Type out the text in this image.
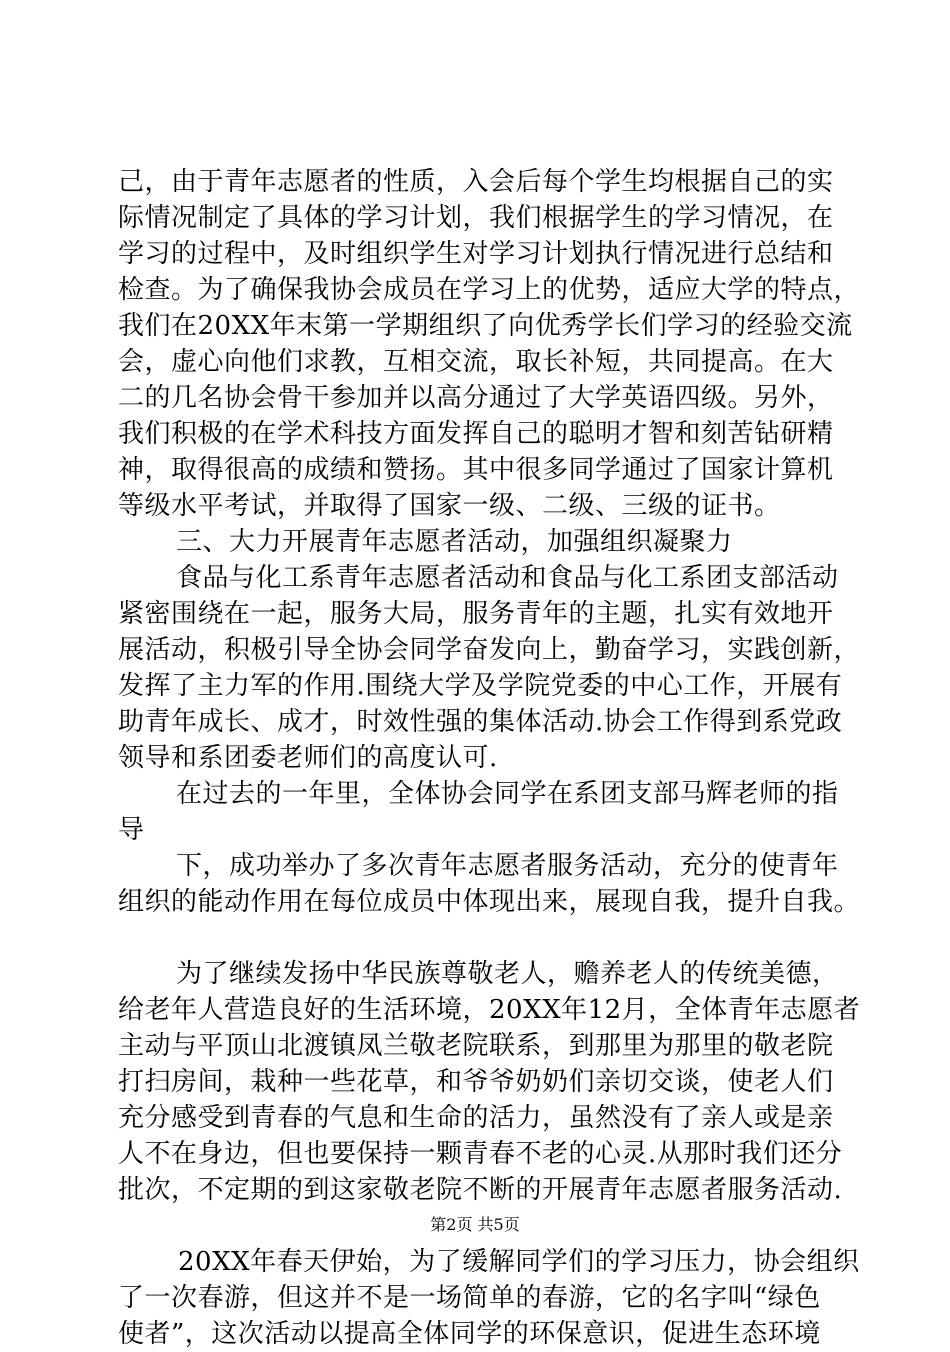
己，由于青年志愿者的性质，入会后每个学生均根据自己的实
际情况制定了具体的学习计划，我们根据学生的学习情况，在
学习的过程中，及时组织学生对学习计划执行情况进行总结和
检查。为了确保我协会成员在学习上的优势，适应大学的特点，
我们在20XX年末第一学期组织了向优秀学长们学习的经验交流
会，虚心向他们求教，互相交流，取长补短，共同提高。在大
二的几名协会骨干参加并以高分通过了大学英语四级。另外，
我们积极的在学术科技方面发挥自己的聪明才智和刻苦钻研精
神，取得很高的成绩和赞扬。其中很多同学通过了国家计算机
等级水平考试，并取得了国家一级、二级、三级的证书。
三、大力开展青年志愿者活动，加强组织凝聚力
食品与化工系青年志愿者活动和食品与化工系团支部活动
紧密围绕在一起，服务大局，服务青年的主题，扎实有效地开
展活动，积极引导全协会同学奋发向上，勤奋学习，实践创新，
发挥了主力军的作用.围绕大学及学院党委的中心工作，开展有
助青年成长、成才，时效性强的集体活动.协会工作得到系党政
领导和系团委老师们的高度认可.
在过去的一年里，全体协会同学在系团支部马辉老师的指
导
下，成功举办了多次青年志愿者服务活动，充分的使青年
组织的能动作用在每位成员中体现出来，展现自我，提升自我。
为了继续发扬中华民族尊敬老人，赡养老人的传统美德，
给老年人营造良好的生活环境，20XX年12月，全体青年志愿者
主动与平顶山北渡镇凤兰敬老院联系，到那里为那里的敬老院
打扫房间，栽种一些花草，和爷爷奶奶们亲切交谈，使老人们
充分感受到青春的气息和生命的活力，虽然没有了亲人或是亲
人不在身边，但也要保持一颗青春不老的心灵.从那时我们还分
批次，不定期的到这家敬老院不断的开展青年志愿者服务活动.
20XX年春天伊始，为了缓解同学们的学习压力，协会组织
了一次春游，但这并不是一场简单的春游，它的名字叫“绿色
使者”，这次活动以提高全体同学的环保意识，促进生态环境
第2页 共5页
